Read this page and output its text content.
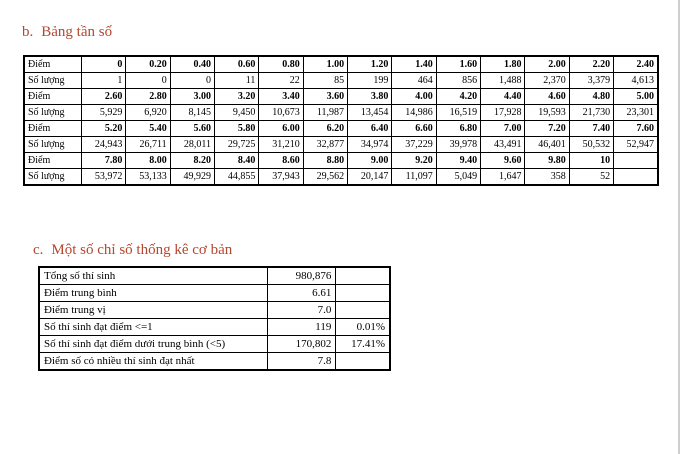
b. Bảng tần số
Điểm	0	0.20	0.40	0.60	0.80	1.00	1.20	1.40	1.60	1.80	2.00	2.20	2.40
Số lượng	1	0	0	11	22	85	199	464	856	1,488	2,370	3,379	4,613
Điểm	2.60	2.80	3.00	3.20	3.40	3.60	3.80	4.00	4.20	4.40	4.60	4.80	5.00
Số lượng	5,929	6,920	8,145	9,450	10,673	11,987	13,454	14,986	16,519	17,928	19,593	21,730	23,301
Điểm	5.20	5.40	5.60	5.80	6.00	6.20	6.40	6.60	6.80	7.00	7.20	7.40	7.60
Số lượng	24,943	26,711	28,011	29,725	31,210	32,877	34,974	37,229	39,978	43,491	46,401	50,532	52,947
Điểm	7.80	8.00	8.20	8.40	8.60	8.80	9.00	9.20	9.40	9.60	9.80	10	
Số lượng	53,972	53,133	49,929	44,855	37,943	29,562	20,147	11,097	5,049	1,647	358	52	
c. Một số chỉ số thống kê cơ bản
Tổng số thí sinh	980,876	
Điểm trung bình	6.61	
Điểm trung vị	7.0	
Số thí sinh đạt điểm <=1	119	0.01%
Số thí sinh đạt điểm dưới trung bình (<5)	170,802	17.41%
Điểm số có nhiều thí sinh đạt nhất	7.8	
